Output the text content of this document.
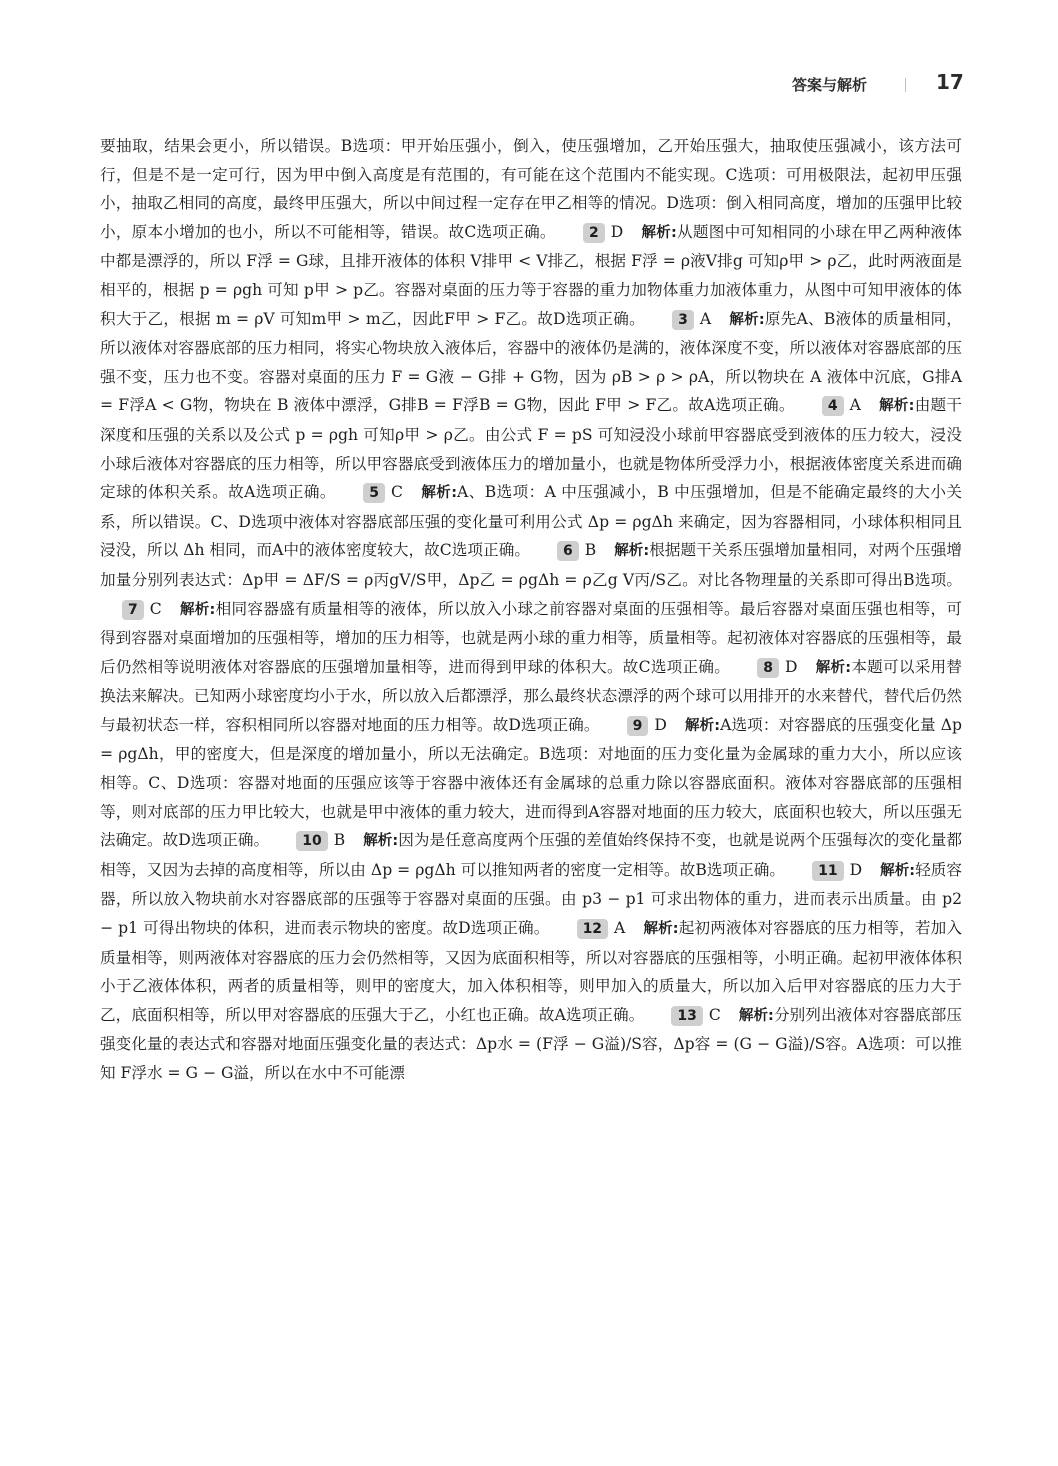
答案与解析	17

要抽取，结果会更小，所以错误。B选项：甲开始压强小，倒入，使压强增加，乙开始压强大，抽取使压强减小，该方法可行，但是不是一定可行，因为甲中倒入高度是有范围的，有可能在这个范围内不能实现。C选项：可用极限法，起初甲压强小，抽取乙相同的高度，最终甲压强大，所以中间过程一定存在甲乙相等的情况。D选项：倒入相同高度，增加的压强甲比较小，原本小增加的也小，所以不可能相等，错误。故C选项正确。 2 D 解析:从题图中可知相同的小球在甲乙两种液体中都是漂浮的，所以 F浮 = G球，且排开液体的体积 V排甲 < V排乙，根据 F浮 = ρ液V排g 可知ρ甲 > ρ乙，此时两液面是相平的，根据 p = ρgh 可知 p甲 > p乙。容器对桌面的压力等于容器的重力加物体重力加液体重力，从图中可知甲液体的体积大于乙，根据 m = ρV 可知m甲 > m乙，因此F甲 > F乙。故D选项正确。 3 A 解析:原先A、B液体的质量相同，所以液体对容器底部的压力相同，将实心物块放入液体后，容器中的液体仍是满的，液体深度不变，所以液体对容器底部的压强不变，压力也不变。容器对桌面的压力 F = G液 − G排 + G物，因为 ρB > ρ > ρA，所以物块在 A 液体中沉底，G排A = F浮A < G物，物块在 B 液体中漂浮，G排B = F浮B = G物，因此 F甲 > F乙。故A选项正确。 4 A 解析:由题干深度和压强的关系以及公式 p = ρgh 可知ρ甲 > ρ乙。由公式 F = pS 可知浸没小球前甲容器底受到液体的压力较大，浸没小球后液体对容器底的压力相等，所以甲容器底受到液体压力的增加量小，也就是物体所受浮力小，根据液体密度关系进而确定球的体积关系。故A选项正确。 5 C 解析:A、B选项：A 中压强减小，B 中压强增加，但是不能确定最终的大小关系，所以错误。C、D选项中液体对容器底部压强的变化量可利用公式 Δp = ρgΔh 来确定，因为容器相同，小球体积相同且浸没，所以 Δh 相同，而A中的液体密度较大，故C选项正确。 6 B 解析:根据题干关系压强增加量相同，对两个压强增加量分别列表达式：Δp甲 = ΔF/S = ρ丙gV/S甲，Δp乙 = ρgΔh = ρ乙g V丙/S乙。对比各物理量的关系即可得出B选项。 7 C 解析:相同容器盛有质量相等的液体，所以放入小球之前容器对桌面的压强相等。最后容器对桌面压强也相等，可得到容器对桌面增加的压强相等，增加的压力相等，也就是两小球的重力相等，质量相等。起初液体对容器底的压强相等，最后仍然相等说明液体对容器底的压强增加量相等，进而得到甲球的体积大。故C选项正确。 8 D 解析:本题可以采用替换法来解决。已知两小球密度均小于水，所以放入后都漂浮，那么最终状态漂浮的两个球可以用排开的水来替代，替代后仍然与最初状态一样，容积相同所以容器对地面的压力相等。故D选项正确。 9 D 解析:A选项：对容器底的压强变化量 Δp = ρgΔh，甲的密度大，但是深度的增加量小，所以无法确定。B选项：对地面的压力变化量为金属球的重力大小，所以应该相等。C、D选项：容器对地面的压强应该等于容器中液体还有金属球的总重力除以容器底面积。液体对容器底部的压强相等，则对底部的压力甲比较大，也就是甲中液体的重力较大，进而得到A容器对地面的压力较大，底面积也较大，所以压强无法确定。故D选项正确。 10 B 解析:因为是任意高度两个压强的差值始终保持不变，也就是说两个压强每次的变化量都相等，又因为去掉的高度相等，所以由 Δp = ρgΔh 可以推知两者的密度一定相等。故B选项正确。 11 D 解析:轻质容器，所以放入物块前水对容器底部的压强等于容器对桌面的压强。由 p3 − p1 可求出物体的重力，进而表示出质量。由 p2 − p1 可得出物块的体积，进而表示物块的密度。故D选项正确。 12 A 解析:起初两液体对容器底的压力相等，若加入质量相等，则两液体对容器底的压力会仍然相等，又因为底面积相等，所以对容器底的压强相等，小明正确。起初甲液体体积小于乙液体体积，两者的质量相等，则甲的密度大，加入体积相等，则甲加入的质量大，所以加入后甲对容器底的压力大于乙，底面积相等，所以甲对容器底的压强大于乙，小红也正确。故A选项正确。 13 C 解析:分别列出液体对容器底部压强变化量的表达式和容器对地面压强变化量的表达式：Δp水 = (F浮 − G溢)/S容，Δp容 = (G − G溢)/S容。A选项：可以推知 F浮水 = G − G溢，所以在水中不可能漂
